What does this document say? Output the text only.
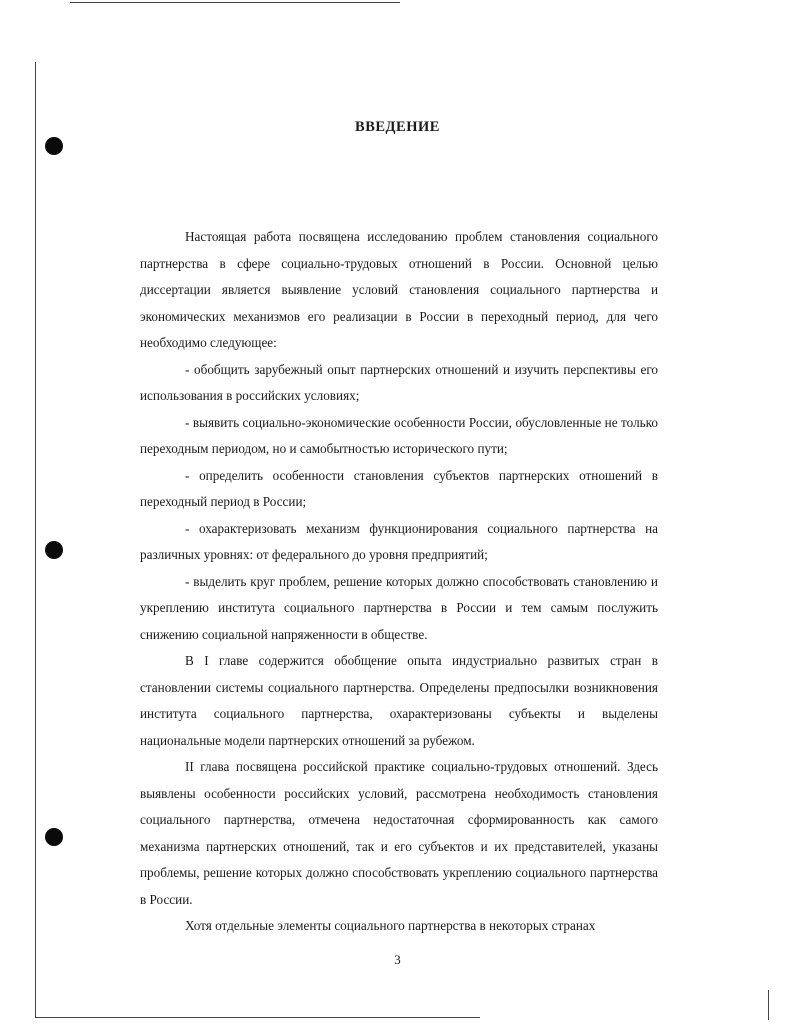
ВВЕДЕНИЕ

Настоящая работа посвящена исследованию проблем становления социального партнерства в сфере социально-трудовых отношений в России. Основной целью диссертации является выявление условий становления социального партнерства и экономических механизмов его реализации в России в переходный период, для чего необходимо следующее:

- обобщить зарубежный опыт партнерских отношений и изучить перспективы его использования в российских условиях;

- выявить социально-экономические особенности России, обусловленные не только переходным периодом, но и самобытностью исторического пути;

- определить особенности становления субъектов партнерских отношений в переходный период в России;

- охарактеризовать механизм функционирования социального партнерства на различных уровнях: от федерального до уровня предприятий;

- выделить круг проблем, решение которых должно способствовать становлению и укреплению института социального партнерства в России и тем самым послужить снижению социальной напряженности в обществе.

В I главе содержится обобщение опыта индустриально развитых стран в становлении системы социального партнерства. Определены предпосылки возникновения института социального партнерства, охарактеризованы субъекты и выделены национальные модели партнерских отношений за рубежом.

II глава посвящена российской практике социально-трудовых отношений. Здесь выявлены особенности российских условий, рассмотрена необходимость становления социального партнерства, отмечена недостаточная сформированность как самого механизма партнерских отношений, так и его субъектов и их представителей, указаны проблемы, решение которых должно способствовать укреплению социального партнерства в России.

Хотя отдельные элементы социального партнерства в некоторых странах

3
